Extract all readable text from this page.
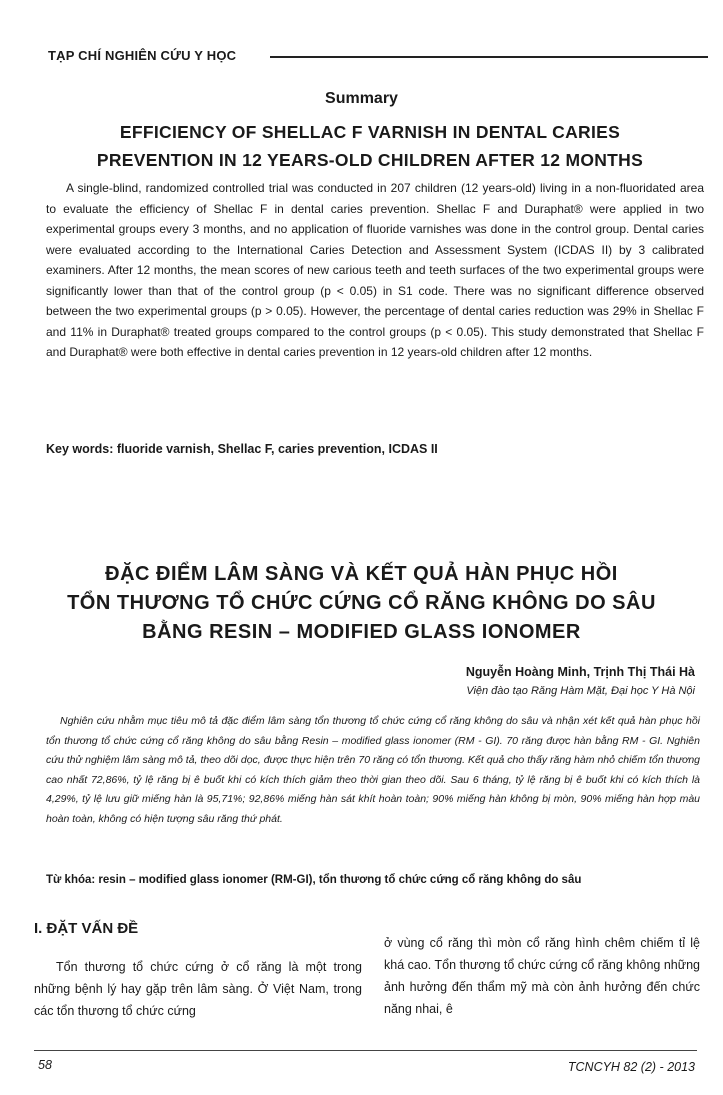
TẠP CHÍ NGHIÊN CỨU Y HỌC
Summary
EFFICIENCY OF SHELLAC F VARNISH IN DENTAL CARIES
PREVENTION IN 12 YEARS-OLD CHILDREN AFTER 12 MONTHS

A single-blind, randomized controlled trial was conducted in 207 children (12 years-old) living in a non-fluoridated area to evaluate the efficiency of Shellac F in dental caries prevention. Shellac F and Duraphat® were applied in two experimental groups every 3 months, and no application of fluoride varnishes was done in the control group. Dental caries were evaluated according to the International Caries Detection and Assessment System (ICDAS II) by 3 calibrated examiners. After 12 months, the mean scores of new carious teeth and teeth surfaces of the two experimental groups were significantly lower than that of the control group (p < 0.05) in S1 code. There was no significant difference observed between the two experimental groups (p > 0.05). However, the percentage of dental caries reduction was 29% in Shellac F and 11% in Duraphat® treated groups compared to the control groups (p < 0.05). This study demonstrated that Shellac F and Duraphat® were both effective in dental caries prevention in 12 years-old children after 12 months.

Key words: fluoride varnish, Shellac F, caries prevention, ICDAS II
ĐẶC ĐIỂM LÂM SÀNG VÀ KẾT QUẢ HÀN PHỤC HỒI
TỔN THƯƠNG TỔ CHỨC CỨNG CỔ RĂNG KHÔNG DO SÂU
BẰNG RESIN – MODIFIED GLASS IONOMER
Nguyễn Hoàng Minh, Trịnh Thị Thái Hà
Viện đào tạo Răng Hàm Mặt, Đại học Y Hà Nội

Nghiên cứu nhằm mục tiêu mô tả đặc điểm lâm sàng tổn thương tổ chức cứng cổ răng không do sâu và nhận xét kết quả hàn phục hồi tổn thương tổ chức cứng cổ răng không do sâu bằng Resin – modified glass ionomer (RM - GI). 70 răng được hàn bằng RM - GI. Nghiên cứu thử nghiệm lâm sàng mô tả, theo dõi dọc, được thực hiện trên 70 răng có tổn thương. Kết quả cho thấy răng hàm nhỏ chiếm tổn thương cao nhất 72,86%, tỷ lệ răng bị ê buốt khi có kích thích giảm theo thời gian theo dõi. Sau 6 tháng, tỷ lệ răng bị ê buốt khi có kích thích là 4,29%, tỷ lệ lưu giữ miếng hàn là 95,71%; 92,86% miếng hàn sát khít hoàn toàn; 90% miếng hàn không bị mòn, 90% miếng hàn hợp màu hoàn toàn, không có hiện tượng sâu răng thứ phát.

Từ khóa: resin – modified glass ionomer (RM-GI), tổn thương tổ chức cứng cổ răng không do sâu
I. ĐẶT VẤN ĐỀ

Tổn thương tổ chức cứng ở cổ răng là một trong những bệnh lý hay gặp trên lâm sàng. Ở Việt Nam, trong các tổn thương tổ chức cứng

ở vùng cổ răng thì mòn cổ răng hình chêm chiếm tỉ lệ khá cao. Tổn thương tổ chức cứng cổ răng không những ảnh hưởng đến thẩm mỹ mà còn ảnh hưởng đến chức năng nhai, ê

58	TCNCYH 82 (2) - 2013
